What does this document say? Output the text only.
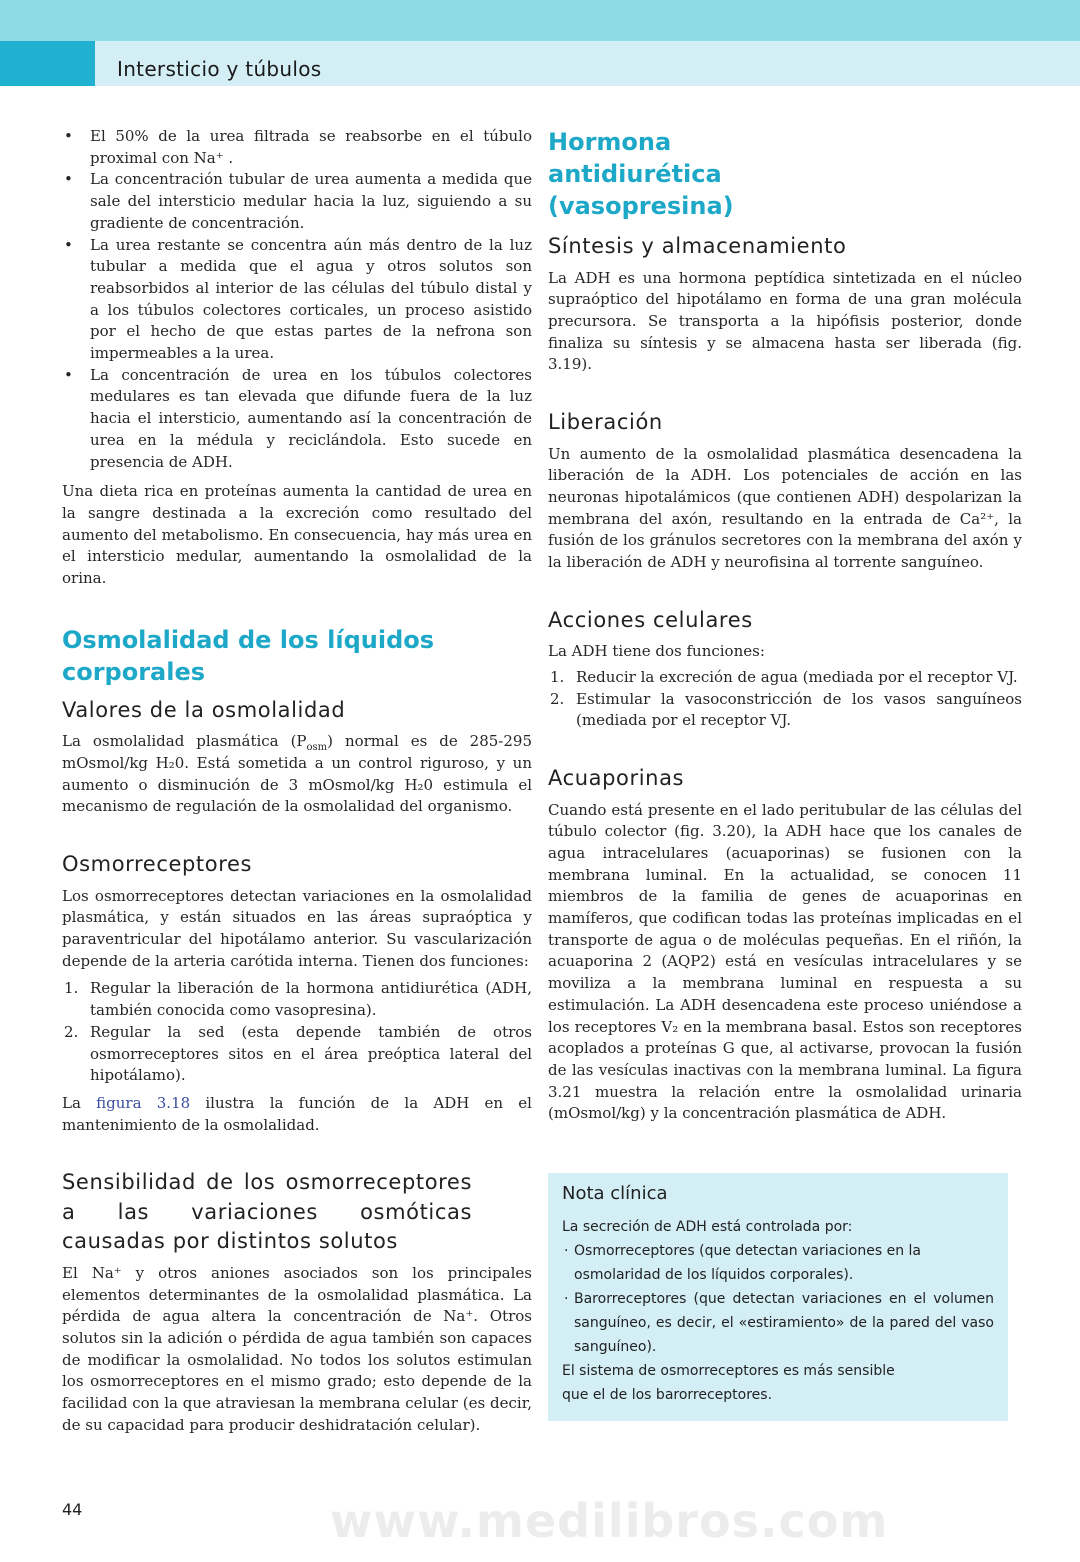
Intersticio y túbulos
• El 50% de la urea filtrada se reabsorbe en el túbulo proximal con Na⁺ .
• La concentración tubular de urea aumenta a medida que sale del intersticio medular hacia la luz, siguiendo a su gradiente de concentración.
• La urea restante se concentra aún más dentro de la luz tubular a medida que el agua y otros solutos son reabsorbidos al interior de las células del túbulo distal y a los túbulos colectores corticales, un proceso asistido por el hecho de que estas partes de la nefrona son impermeables a la urea.
• La concentración de urea en los túbulos colectores medulares es tan elevada que difunde fuera de la luz hacia el intersticio, aumentando así la concentración de urea en la médula y reciclándola. Esto sucede en presencia de ADH.
Una dieta rica en proteínas aumenta la cantidad de urea en la sangre destinada a la excreción como resultado del aumento del metabolismo. En consecuencia, hay más urea en el intersticio medular, aumentando la osmolalidad de la orina.
Osmolalidad de los líquidos corporales
Valores de la osmolalidad
La osmolalidad plasmática $(P_{osm})$ normal es de 285-295 mOsmol/kg H₂0. Está sometida a un control riguroso, y un aumento o disminución de 3 mOsmol/kg H₂0 estimula el mecanismo de regulación de la osmolalidad del organismo.
Osmorreceptores
Los osmorreceptores detectan variaciones en la osmolalidad plasmática, y están situados en las áreas supraóptica y paraventricular del hipotálamo anterior. Su vascularización depende de la arteria carótida interna. Tienen dos funciones:
1. Regular la liberación de la hormona antidiurética (ADH, también conocida como vasopresina).
2. Regular la sed (esta depende también de otros osmorreceptores sitos en el área preóptica lateral del hipotálamo).
La figura 3.18 ilustra la función de la ADH en el mantenimiento de la osmolalidad.
Sensibilidad de los osmorreceptores a las variaciones osmóticas causadas por distintos solutos
El Na⁺ y otros aniones asociados son los principales elementos determinantes de la osmolalidad plasmática. La pérdida de agua altera la concentración de Na⁺. Otros solutos sin la adición o pérdida de agua también son capaces de modificar la osmolalidad. No todos los solutos estimulan los osmorreceptores en el mismo grado; esto depende de la facilidad con la que atraviesan la membrana celular (es decir, de su capacidad para producir deshidratación celular).
44
Hormona antidiurética (vasopresina)
Síntesis y almacenamiento
La ADH es una hormona peptídica sintetizada en el núcleo supraóptico del hipotálamo en forma de una gran molécula precursora. Se transporta a la hipófisis posterior, donde finaliza su síntesis y se almacena hasta ser liberada (fig. 3.19).
Liberación
Un aumento de la osmolalidad plasmática desencadena la liberación de la ADH. Los potenciales de acción en las neuronas hipotalámicos (que contienen ADH) despolarizan la membrana del axón, resultando en la entrada de Ca²⁺, la fusión de los gránulos secretores con la membrana del axón y la liberación de ADH y neurofisina al torrente sanguíneo.
Acciones celulares
La ADH tiene dos funciones:
1. Reducir la excreción de agua (mediada por el receptor VJ.
2. Estimular la vasoconstricción de los vasos sanguíneos (mediada por el receptor VJ.
Acuaporinas
Cuando está presente en el lado peritubular de las células del túbulo colector (fig. 3.20), la ADH hace que los canales de agua intracelulares (acuaporinas) se fusionen con la membrana luminal. En la actualidad, se conocen 11 miembros de la familia de genes de acuaporinas en mamíferos, que codifican todas las proteínas implicadas en el transporte de agua o de moléculas pequeñas. En el riñón, la acuaporina 2 (AQP2) está en vesículas intracelulares y se moviliza a la membrana luminal en respuesta a su estimulación. La ADH desencadena este proceso uniéndose a los receptores V₂ en la membrana basal. Estos son receptores acoplados a proteínas G que, al activarse, provocan la fusión de las vesículas inactivas con la membrana luminal. La figura 3.21 muestra la relación entre la osmolalidad urinaria (mOsmol/kg) y la concentración plasmática de ADH.
Nota clínica
La secreción de ADH está controlada por:
· Osmorreceptores (que detectan variaciones en la osmolaridad de los líquidos corporales).
· Barorreceptores (que detectan variaciones en el volumen sanguíneo, es decir, el «estiramiento» de la pared del vaso sanguíneo).
El sistema de osmorreceptores es más sensible que el de los barorreceptores.
www.medilibros.com
